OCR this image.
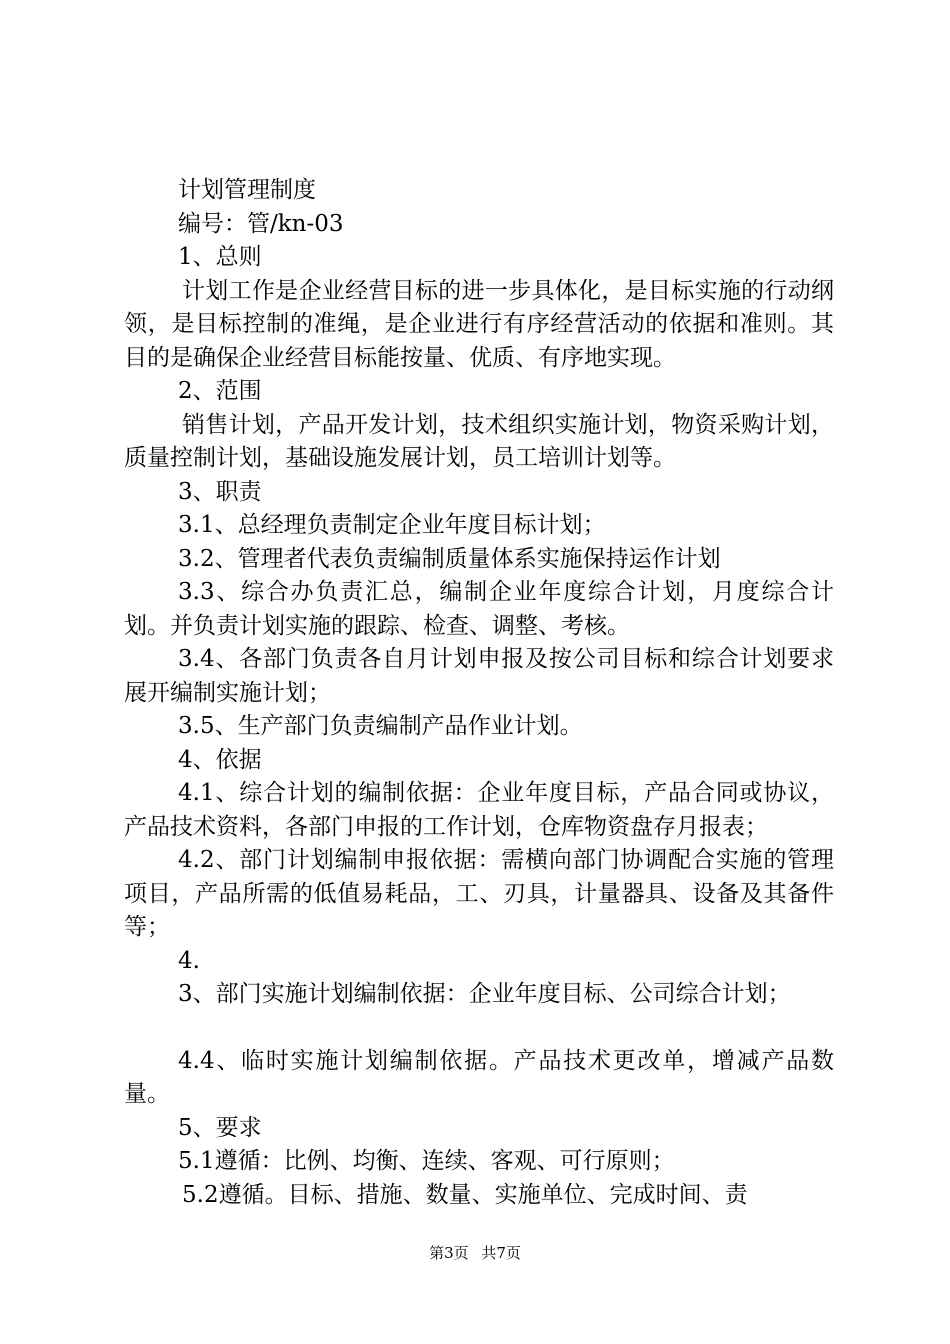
计划管理制度

编号：管/kn-03

1、总则

计划工作是企业经营目标的进一步具体化，是目标实施的行动纲领，是目标控制的准绳，是企业进行有序经营活动的依据和准则。其目的是确保企业经营目标能按量、优质、有序地实现。

2、范围

销售计划，产品开发计划，技术组织实施计划，物资采购计划，质量控制计划，基础设施发展计划，员工培训计划等。

3、职责

3.1、总经理负责制定企业年度目标计划；

3.2、管理者代表负责编制质量体系实施保持运作计划

3.3、综合办负责汇总，编制企业年度综合计划，月度综合计划。并负责计划实施的跟踪、检查、调整、考核。

3.4、各部门负责各自月计划申报及按公司目标和综合计划要求展开编制实施计划；

3.5、生产部门负责编制产品作业计划。

4、依据

4.1、综合计划的编制依据：企业年度目标，产品合同或协议，产品技术资料，各部门申报的工作计划，仓库物资盘存月报表；

4.2、部门计划编制申报依据：需横向部门协调配合实施的管理项目，产品所需的低值易耗品，工、刃具，计量器具、设备及其备件等；

4.

3、部门实施计划编制依据：企业年度目标、公司综合计划；

4.4、临时实施计划编制依据。产品技术更改单，增减产品数量。

5、要求

5.1遵循：比例、均衡、连续、客观、可行原则；

5.2遵循。目标、措施、数量、实施单位、完成时间、责

第3页 共7页
